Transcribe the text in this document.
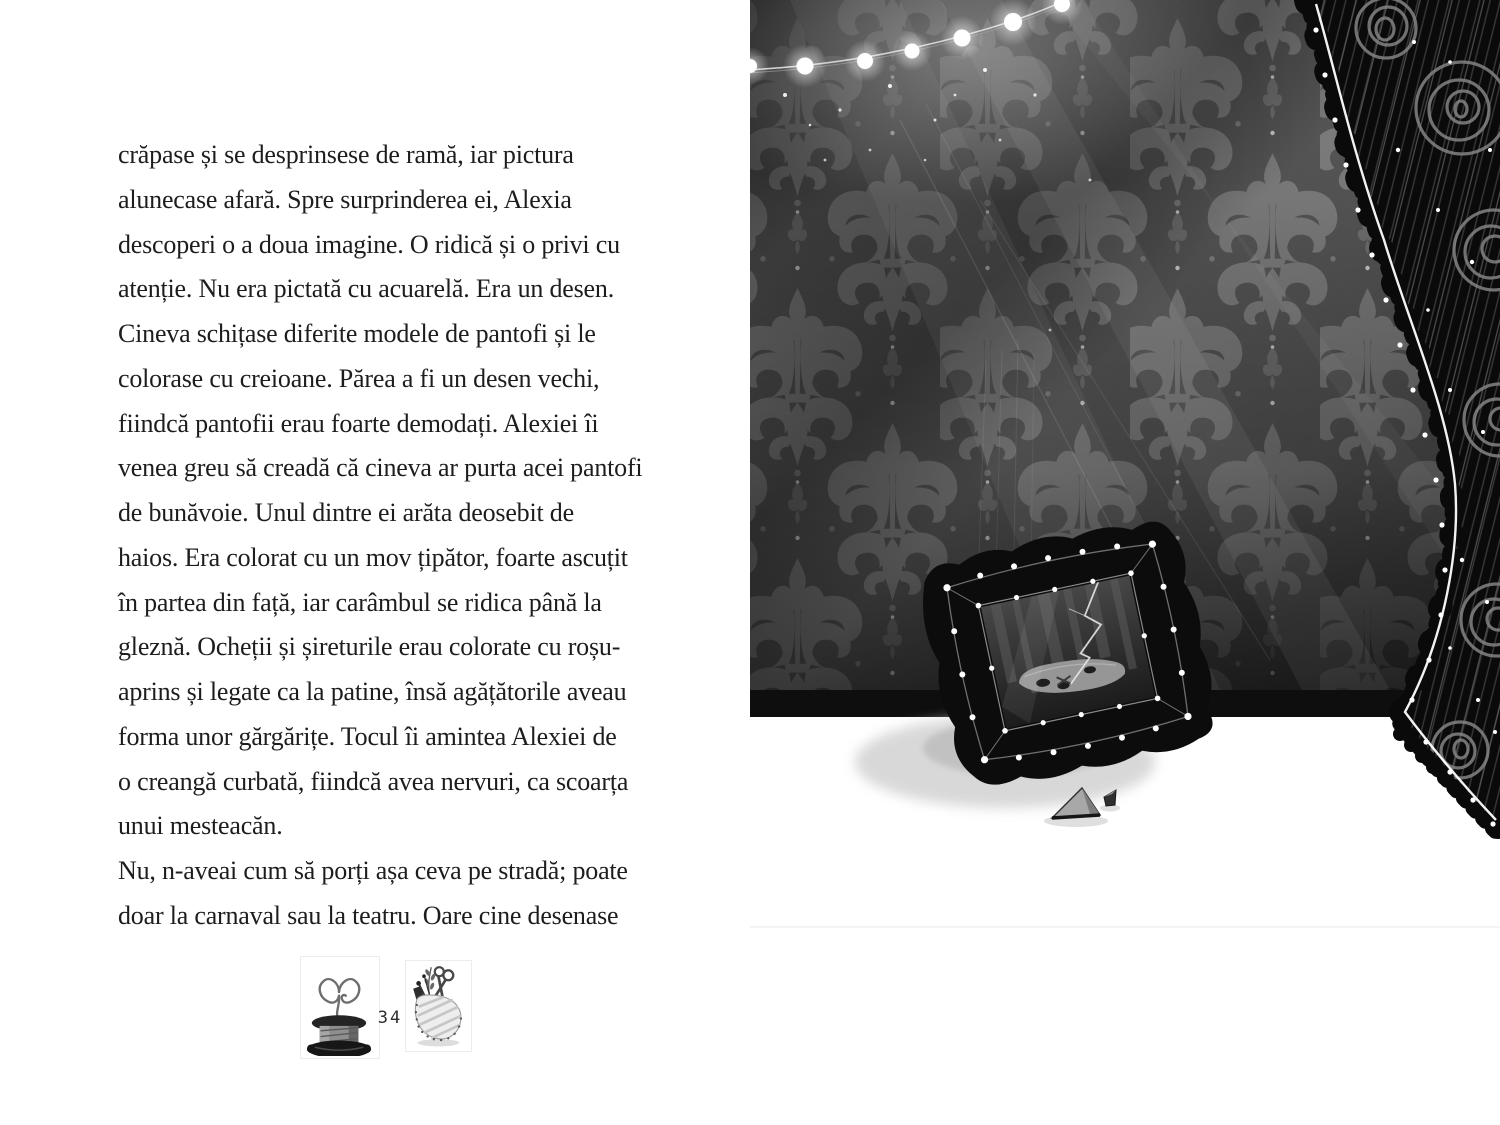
crăpase și se desprinsese de ramă, iar pictura
alunecase afară. Spre surprinderea ei, Alexia
descoperi o a doua imagine. O ridică și o privi cu
atenție. Nu era pictată cu acuarelă. Era un desen.
Cineva schițase diferite modele de pantofi și le
colorase cu creioane. Părea a fi un desen vechi,
fiindcă pantofii erau foarte demodați. Alexiei îi
venea greu să creadă că cineva ar purta acei pantofi
de bunăvoie. Unul dintre ei arăta deosebit de
haios. Era colorat cu un mov țipător, foarte ascuțit
în partea din față, iar carâmbul se ridica până la
gleznă. Ocheții și șireturile erau colorate cu roșu-
aprins și legate ca la patine, însă agățătorile aveau
forma unor gărgărițe. Tocul îi amintea Alexiei de
o creangă curbată, fiindcă avea nervuri, ca scoarța
unui mesteacăn.
Nu, n-aveai cum să porți așa ceva pe stradă; poate
doar la carnaval sau la teatru. Oare cine desenase
34
